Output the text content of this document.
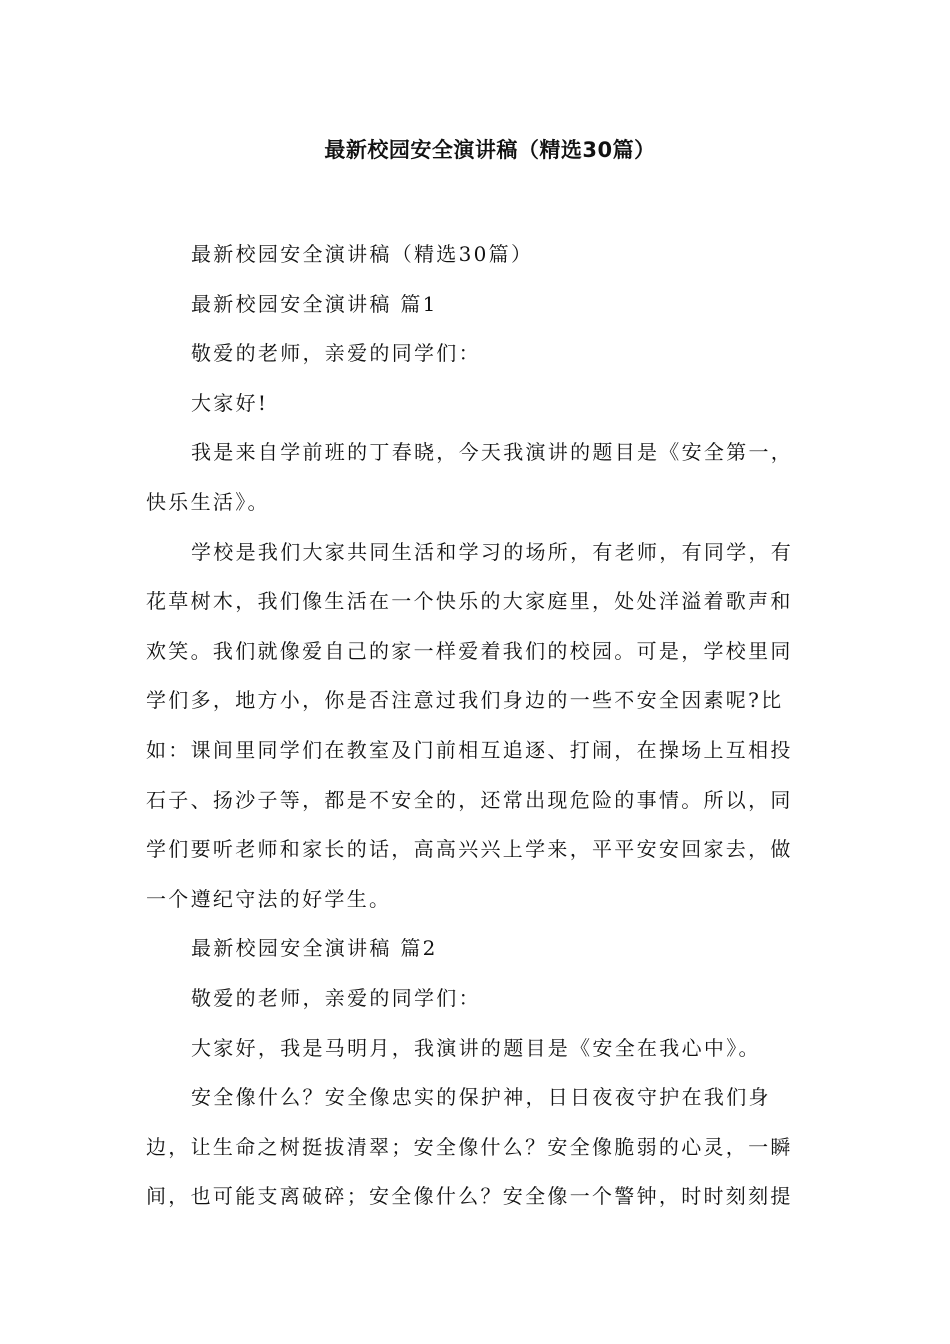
最新校园安全演讲稿（精选30篇）

最新校园安全演讲稿（精选30篇）

最新校园安全演讲稿 篇1

敬爱的老师，亲爱的同学们：

大家好!

我是来自学前班的丁春晓，今天我演讲的题目是《安全第一，快乐生活》。

学校是我们大家共同生活和学习的场所，有老师，有同学，有花草树木，我们像生活在一个快乐的大家庭里，处处洋溢着歌声和欢笑。我们就像爱自己的家一样爱着我们的校园。可是，学校里同学们多，地方小，你是否注意过我们身边的一些不安全因素呢?比如：课间里同学们在教室及门前相互追逐、打闹，在操场上互相投石子、扬沙子等，都是不安全的，还常出现危险的事情。所以，同学们要听老师和家长的话，高高兴兴上学来，平平安安回家去，做一个遵纪守法的好学生。

最新校园安全演讲稿 篇2

敬爱的老师，亲爱的同学们：

大家好，我是马明月，我演讲的题目是《安全在我心中》。

安全像什么？安全像忠实的保护神，日日夜夜守护在我们身边，让生命之树挺拔清翠；安全像什么？安全像脆弱的心灵，一瞬间，也可能支离破碎；安全像什么？安全像一个警钟，时时刻刻提
